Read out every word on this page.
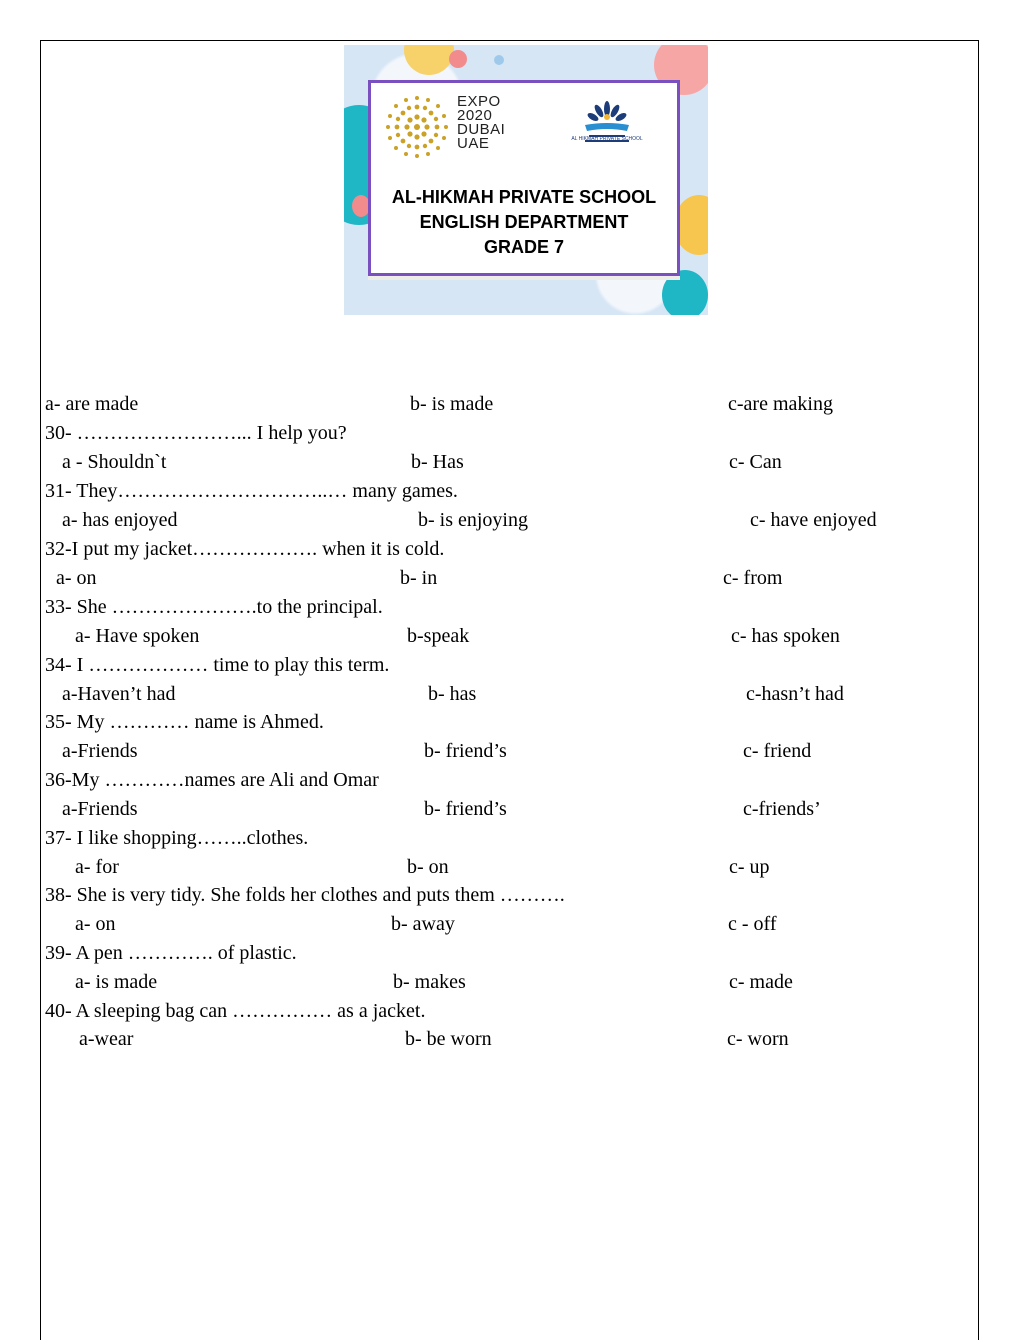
EXPO
2020
DUBAI
UAE	AL HIKMAH PRIVATE SCHOOL
AL-HIKMAH PRIVATE SCHOOL
ENGLISH DEPARTMENT
GRADE 7
a- are made	b- is made	c-are making
30- ……………………... I help you?
a - Shouldn`t	b- Has	c- Can
31- They…………………………..… many games.
a- has enjoyed	b- is enjoying	c- have enjoyed
32-I put my jacket………………. when it is cold.
a- on	b- in	c- from
33- She ………………….to the principal.
a- Have spoken	b-speak	c- has spoken
34- I ……………… time to play this term.
a-Haven’t had	b- has	c-hasn’t had
35- My ………… name is Ahmed.
a-Friends	b- friend’s	c- friend
36-My …………names are Ali and Omar
a-Friends	b- friend’s	c-friends’
37- I like shopping……..clothes.
a- for	b- on	c- up
38- She is very tidy. She folds her clothes and puts them ……….
a- on	b- away	c - off
39- A pen …………. of plastic.
a- is made	b- makes	c- made
40- A sleeping bag can …………… as a jacket.
a-wear	b- be worn	c- worn
